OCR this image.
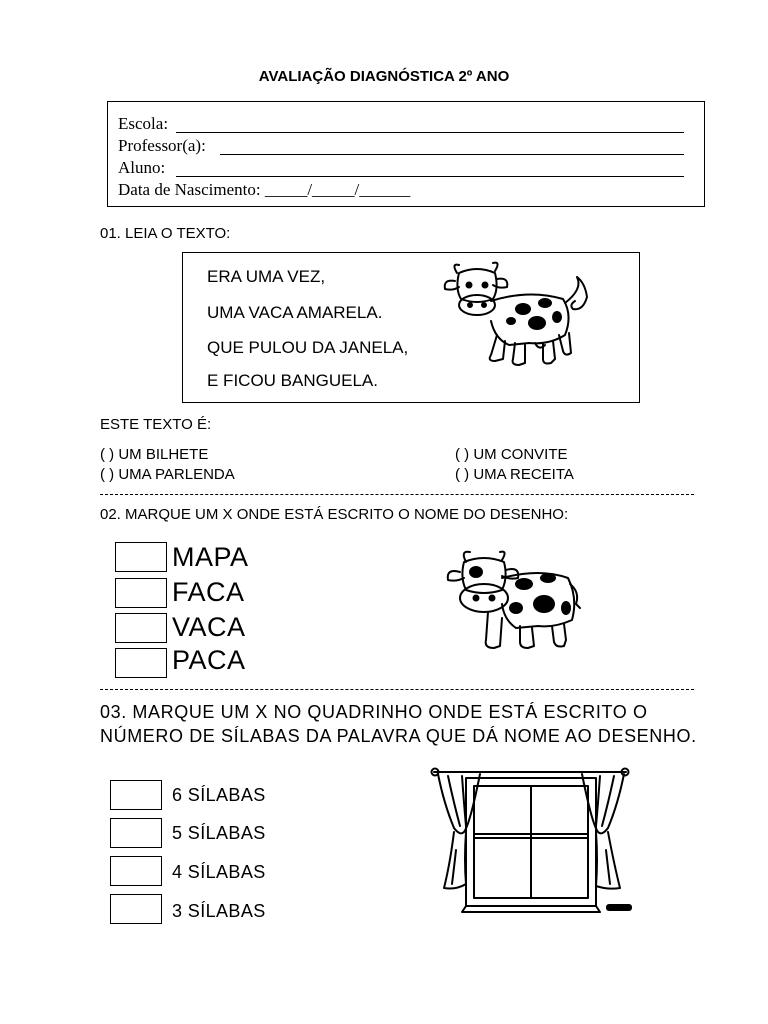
AVALIAÇÃO DIAGNÓSTICA 2º ANO
Escola:
Professor(a):
Aluno:
Data de Nascimento: _____/_____/______
01. LEIA O TEXTO:
ERA UMA VEZ,
UMA VACA AMARELA.
QUE PULOU DA JANELA,
E FICOU BANGUELA.
ESTE TEXTO É:
( ) UM BILHETE	( ) UM CONVITE
( ) UMA PARLENDA	( ) UMA RECEITA
02. MARQUE UM X ONDE ESTÁ ESCRITO O NOME DO DESENHO:
MAPA
FACA
VACA
PACA
03. MARQUE UM X NO QUADRINHO ONDE ESTÁ ESCRITO O NÚMERO DE SÍLABAS DA PALAVRA QUE DÁ NOME AO DESENHO.
6 SÍLABAS
5 SÍLABAS
4 SÍLABAS
3 SÍLABAS
